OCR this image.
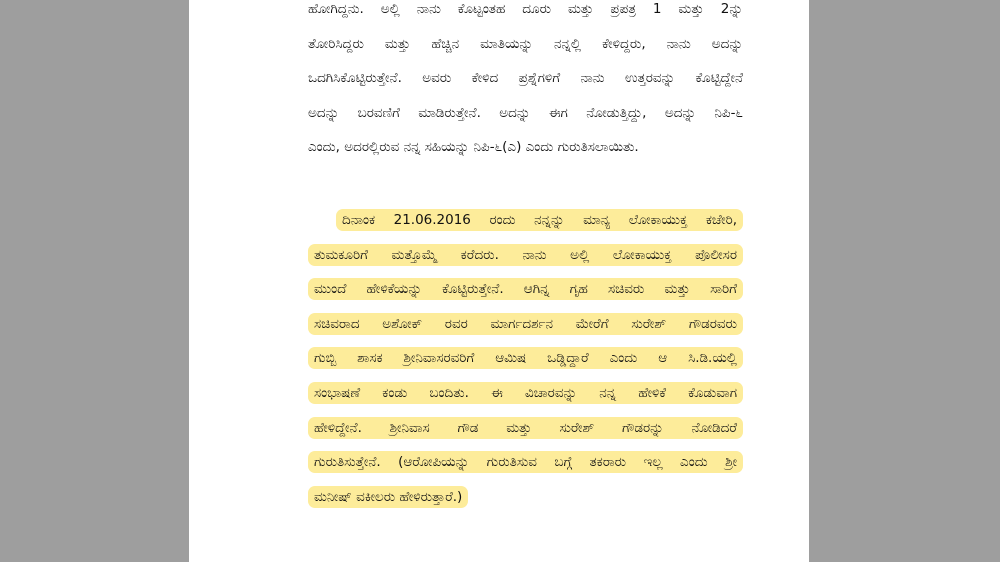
ಹೋಗಿದ್ದನು. ಅಲ್ಲಿ ನಾನು ಕೊಟ್ಟಂತಹ ದೂರು ಮತ್ತು ಪ್ರಪತ್ರ 1 ಮತ್ತು 2ನ್ನು
ತೋರಿಸಿದ್ದರು ಮತ್ತು ಹೆಚ್ಚಿನ ಮಾತಿಯನ್ನು ನನ್ನಲ್ಲಿ ಕೇಳಿದ್ದರು, ನಾನು ಅದನ್ನು
ಒದಗಿಸಿಕೊಟ್ಟಿರುತ್ತೇನೆ. ಅವರು ಕೇಳಿದ ಪ್ರಶ್ನೆಗಳಿಗೆ ನಾನು ಉತ್ತರವನ್ನು ಕೊಟ್ಟಿದ್ದೇನೆ
ಅದನ್ನು ಬರವಣಿಗೆ ಮಾಡಿರುತ್ತೇನೆ. ಅದನ್ನು ಈಗ ನೋಡುತ್ತಿದ್ದು, ಅದನ್ನು ನಿಪಿ-೬
ಎಂದು, ಅದರಲ್ಲಿರುವ ನನ್ನ ಸಹಿಯನ್ನು ನಿಪಿ-೬(ಎ) ಎಂದು ಗುರುತಿಸಲಾಯಿತು.
ದಿನಾಂಕ 21.06.2016 ರಂದು ನನ್ನನ್ನು ಮಾನ್ಯ ಲೋಕಾಯುಕ್ತ ಕಚೇರಿ,
ತುಮಕೂರಿಗೆ ಮತ್ತೊಮ್ಮೆ ಕರೆದರು. ನಾನು ಅಲ್ಲಿ ಲೋಕಾಯುಕ್ತ ಪೊಲೀಸರ
ಮುಂದೆ ಹೇಳಿಕೆಯನ್ನು ಕೊಟ್ಟಿರುತ್ತೇನೆ. ಆಗಿನ್ನ ಗೃಹ ಸಚಿವರು ಮತ್ತು ಸಾರಿಗೆ
ಸಚಿವರಾದ ಅಶೋಕ್ ರವರ ಮಾರ್ಗದರ್ಶನ ಮೇರೆಗೆ ಸುರೇಶ್ ಗೌಡರವರು
ಗುಬ್ಬಿ ಶಾಸಕ ಶ್ರೀನಿವಾಸರವರಿಗೆ ಆಮಿಷ ಒಡ್ಡಿದ್ದಾರೆ ಎಂದು ಆ ಸಿ.ಡಿ.ಯಲ್ಲಿ
ಸಂಭಾಷಣೆ ಕಂಡು ಬಂದಿತು. ಈ ವಿಚಾರವನ್ನು ನನ್ನ ಹೇಳಿಕೆ ಕೊಡುವಾಗ
ಹೇಳಿದ್ದೇನೆ. ಶ್ರೀನಿವಾಸ ಗೌಡ ಮತ್ತು ಸುರೇಶ್ ಗೌಡರನ್ನು ನೋಡಿದರೆ
ಗುರುತಿಸುತ್ತೇನೆ. (ಆರೋಪಿಯನ್ನು ಗುರುತಿಸುವ ಬಗ್ಗೆ ತಕರಾರು ಇಲ್ಲ ಎಂದು ಶ್ರೀ
ಮನೀಷ್ ವಕೀಲರು ಹೇಳಿರುತ್ತಾರೆ.)
